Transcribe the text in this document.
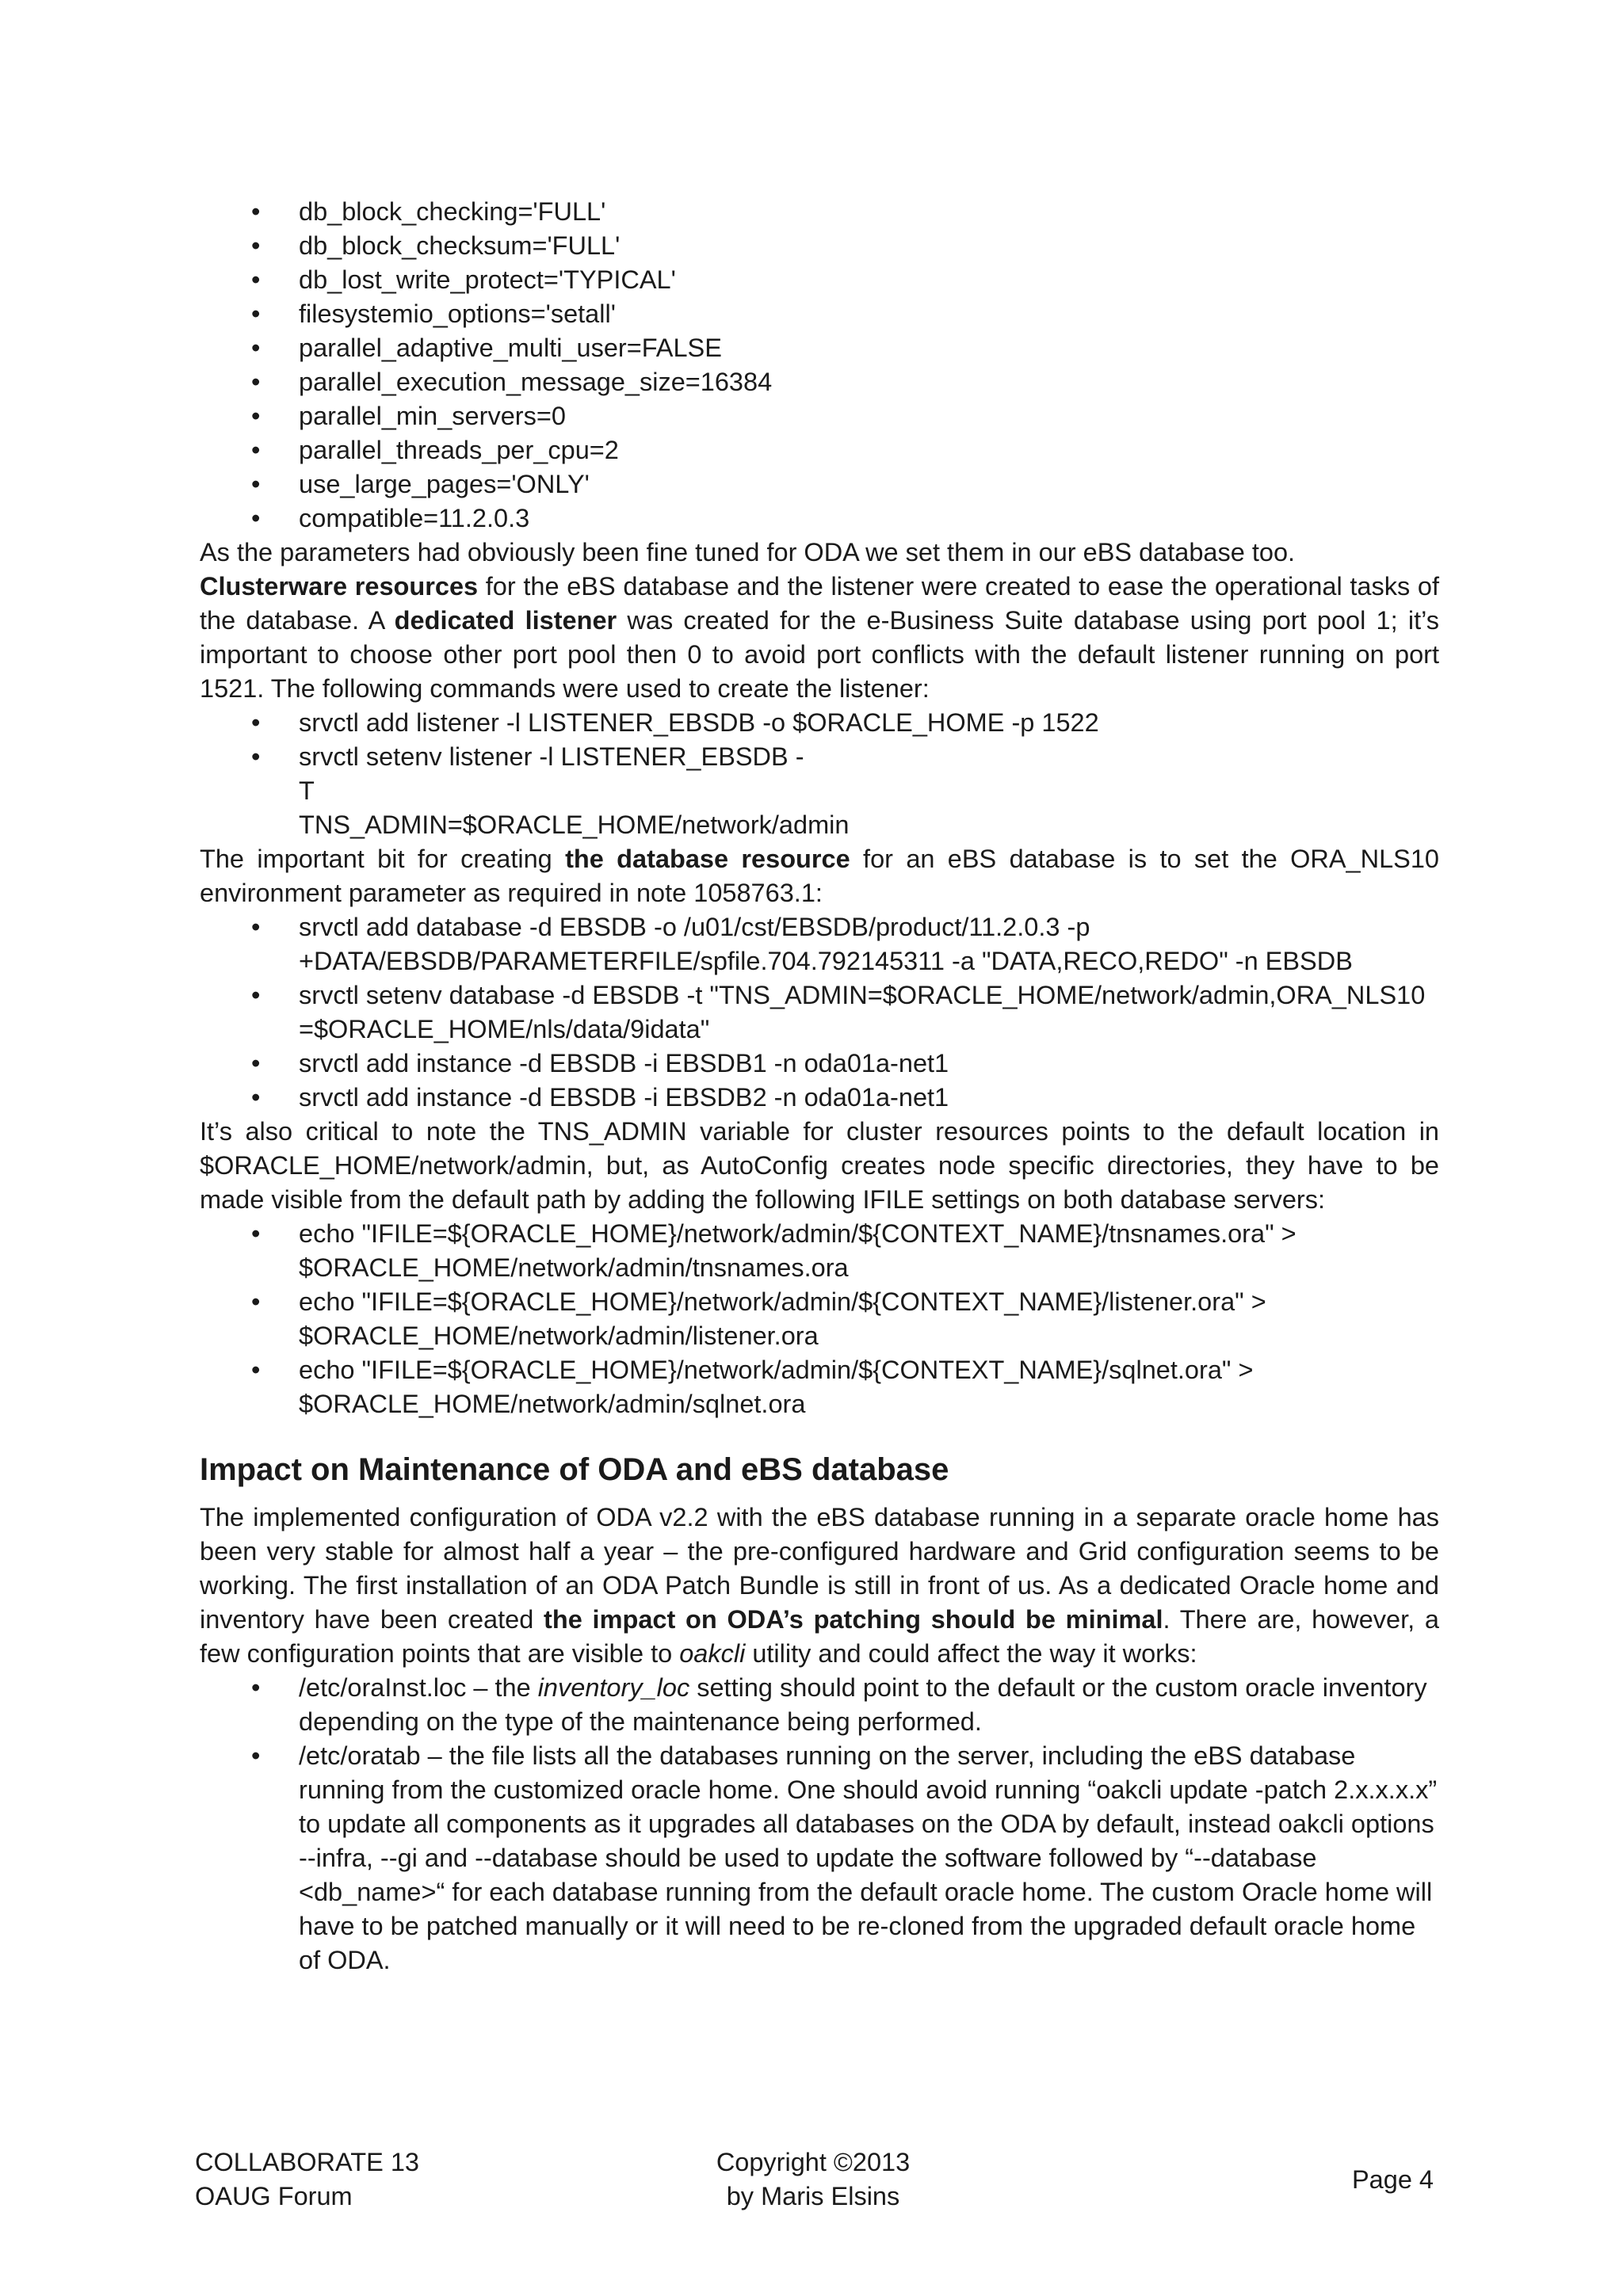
• db_block_checking='FULL'
• db_block_checksum='FULL'
• db_lost_write_protect='TYPICAL'
• filesystemio_options='setall'
• parallel_adaptive_multi_user=FALSE
• parallel_execution_message_size=16384
• parallel_min_servers=0
• parallel_threads_per_cpu=2
• use_large_pages='ONLY'
• compatible=11.2.0.3

As the parameters had obviously been fine tuned for ODA we set them in our eBS database too.

Clusterware resources for the eBS database and the listener were created to ease the operational tasks of the database. A dedicated listener was created for the e-Business Suite database using port pool 1; it’s important to choose other port pool then 0 to avoid port conflicts with the default listener running on port 1521. The following commands were used to create the listener:

• srvctl add listener -l LISTENER_EBSDB -o $ORACLE_HOME -p 1522
• srvctl setenv listener -l LISTENER_EBSDB -T TNS_ADMIN=$ORACLE_HOME/network/admin

The important bit for creating the database resource for an eBS database is to set the ORA_NLS10 environment parameter as required in note 1058763.1:

• srvctl add database -d EBSDB -o /u01/cst/EBSDB/product/11.2.0.3 -p +DATA/EBSDB/PARAMETERFILE/spfile.704.792145311 -a "DATA,RECO,REDO" -n EBSDB
• srvctl setenv database -d EBSDB -t "TNS_ADMIN=$ORACLE_HOME/network/admin,ORA_NLS10=$ORACLE_HOME/nls/data/9idata"
• srvctl add instance -d EBSDB -i EBSDB1 -n oda01a-net1
• srvctl add instance -d EBSDB -i EBSDB2 -n oda01a-net1

It’s also critical to note the TNS_ADMIN variable for cluster resources points to the default location in $ORACLE_HOME/network/admin, but, as AutoConfig creates node specific directories, they have to be made visible from the default path by adding the following IFILE settings on both database servers:

• echo "IFILE=${ORACLE_HOME}/network/admin/${CONTEXT_NAME}/tnsnames.ora" > $ORACLE_HOME/network/admin/tnsnames.ora
• echo "IFILE=${ORACLE_HOME}/network/admin/${CONTEXT_NAME}/listener.ora" > $ORACLE_HOME/network/admin/listener.ora
• echo "IFILE=${ORACLE_HOME}/network/admin/${CONTEXT_NAME}/sqlnet.ora" > $ORACLE_HOME/network/admin/sqlnet.ora
Impact on Maintenance of ODA and eBS database

The implemented configuration of ODA v2.2 with the eBS database running in a separate oracle home has been very stable for almost half a year – the pre-configured hardware and Grid configuration seems to be working. The first installation of an ODA Patch Bundle is still in front of us. As a dedicated Oracle home and inventory have been created the impact on ODA’s patching should be minimal. There are, however, a few configuration points that are visible to oakcli utility and could affect the way it works:

• /etc/oraInst.loc – the inventory_loc setting should point to the default or the custom oracle inventory depending on the type of the maintenance being performed.
• /etc/oratab – the file lists all the databases running on the server, including the eBS database running from the customized oracle home. One should avoid running “oakcli update -patch 2.x.x.x.x” to update all components as it upgrades all databases on the ODA by default, instead oakcli options --infra, --gi and --database should be used to update the software followed by “--database <db_name>“ for each database running from the default oracle home. The custom Oracle home will have to be patched manually or it will need to be re-cloned from the upgraded default oracle home of ODA.
COLLABORATE 13
OAUG Forum
Copyright ©2013
by Maris Elsins
Page 4
